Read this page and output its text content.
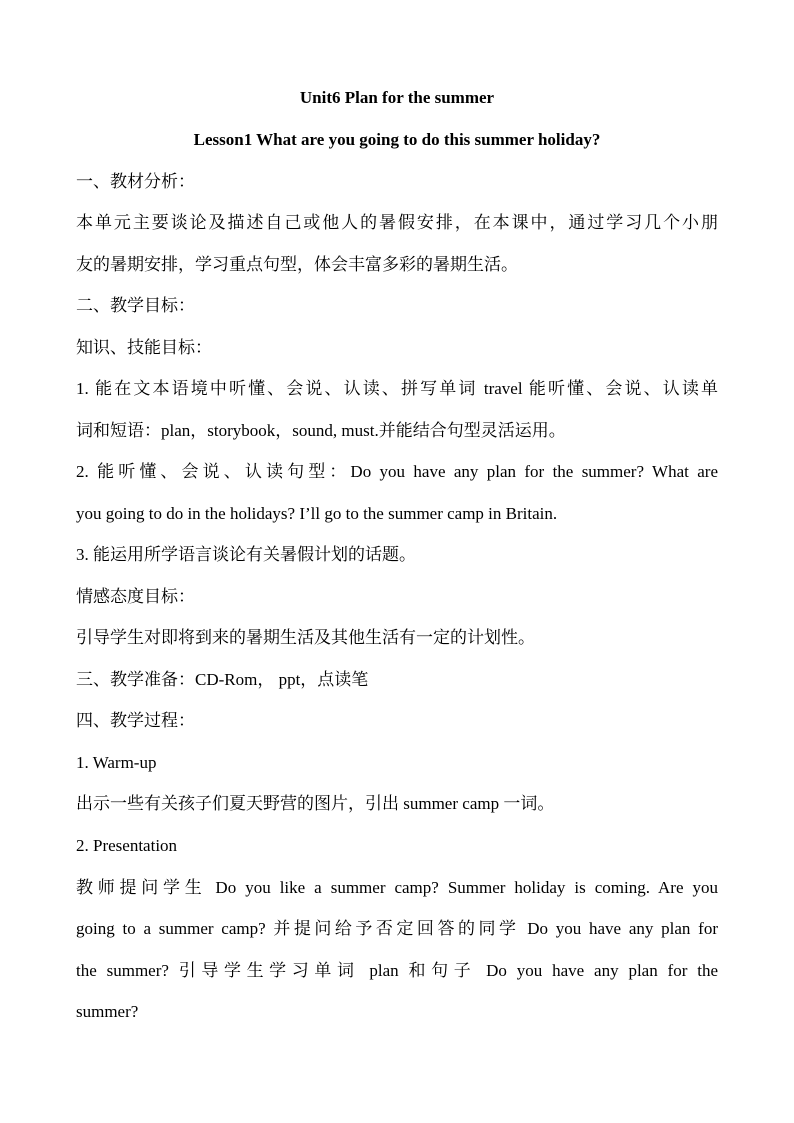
Unit6 Plan for the summer
Lesson1 What are you going to do this summer holiday?
一、教材分析：
本单元主要谈论及描述自己或他人的暑假安排，在本课中，通过学习几个小朋
友的暑期安排，学习重点句型，体会丰富多彩的暑期生活。
二、教学目标：
知识、技能目标：
1. 能在文本语境中听懂、会说、认读、拼写单词 travel 能听懂、会说、认读单
词和短语：plan，storybook，sound, must.并能结合句型灵活运用。
2. 能听懂、会说、认读句型：Do you have any plan for the summer? What are
you going to do in the holidays? I’ll go to the summer camp in Britain.
3. 能运用所学语言谈论有关暑假计划的话题。
情感态度目标：
引导学生对即将到来的暑期生活及其他生活有一定的计划性。
三、教学准备：CD-Rom， ppt，点读笔
四、教学过程：
1. Warm-up
出示一些有关孩子们夏天野营的图片，引出 summer camp 一词。
2. Presentation
教师提问学生 Do you like a summer camp? Summer holiday is coming. Are you
going to a summer camp? 并提问给予否定回答的同学 Do you have any plan for
the summer? 引导学生学习单词 plan 和句子 Do you have any plan for the
summer?
